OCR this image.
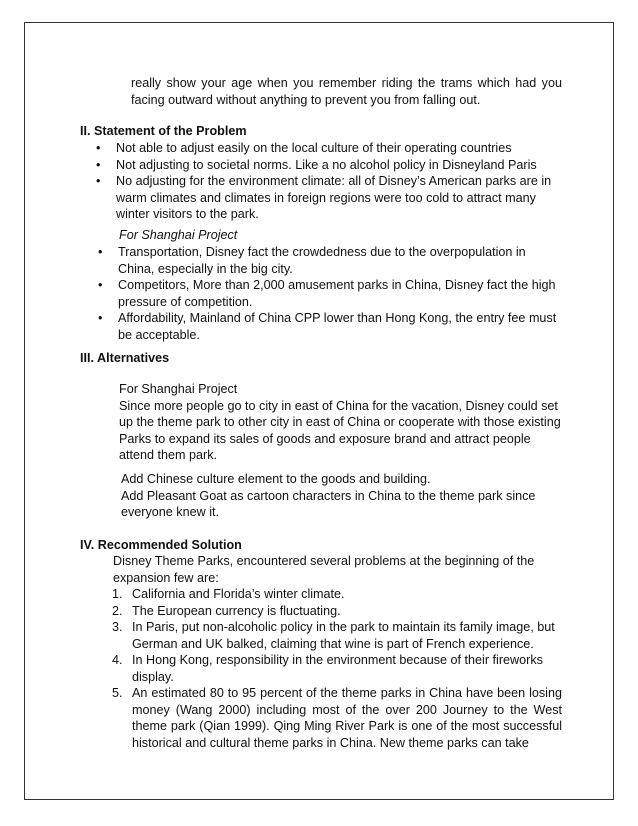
really show your age when you remember riding the trams which had you facing outward without anything to prevent you from falling out.
II. Statement of the Problem
• Not able to adjust easily on the local culture of their operating countries
• Not adjusting to societal norms. Like a no alcohol policy in Disneyland Paris
• No adjusting for the environment climate: all of Disney’s American parks are in warm climates and climates in foreign regions were too cold to attract many winter visitors to the park.
For Shanghai Project
• Transportation, Disney fact the crowdedness due to the overpopulation in China, especially in the big city.
• Competitors, More than 2,000 amusement parks in China, Disney fact the high pressure of competition.
• Affordability, Mainland of China CPP lower than Hong Kong, the entry fee must be acceptable.
III. Alternatives
For Shanghai Project
Since more people go to city in east of China for the vacation, Disney could set up the theme park to other city in east of China or cooperate with those existing Parks to expand its sales of goods and exposure brand and attract people attend them park.
Add Chinese culture element to the goods and building.
Add Pleasant Goat as cartoon characters in China to the theme park since everyone knew it.
IV. Recommended Solution
Disney Theme Parks, encountered several problems at the beginning of the expansion few are:
1. California and Florida’s winter climate.
2. The European currency is fluctuating.
3. In Paris, put non-alcoholic policy in the park to maintain its family image, but German and UK balked, claiming that wine is part of French experience.
4. In Hong Kong, responsibility in the environment because of their fireworks display.
5. An estimated 80 to 95 percent of the theme parks in China have been losing money (Wang 2000) including most of the over 200 Journey to the West theme park (Qian 1999). Qing Ming River Park is one of the most successful historical and cultural theme parks in China. New theme parks can take
